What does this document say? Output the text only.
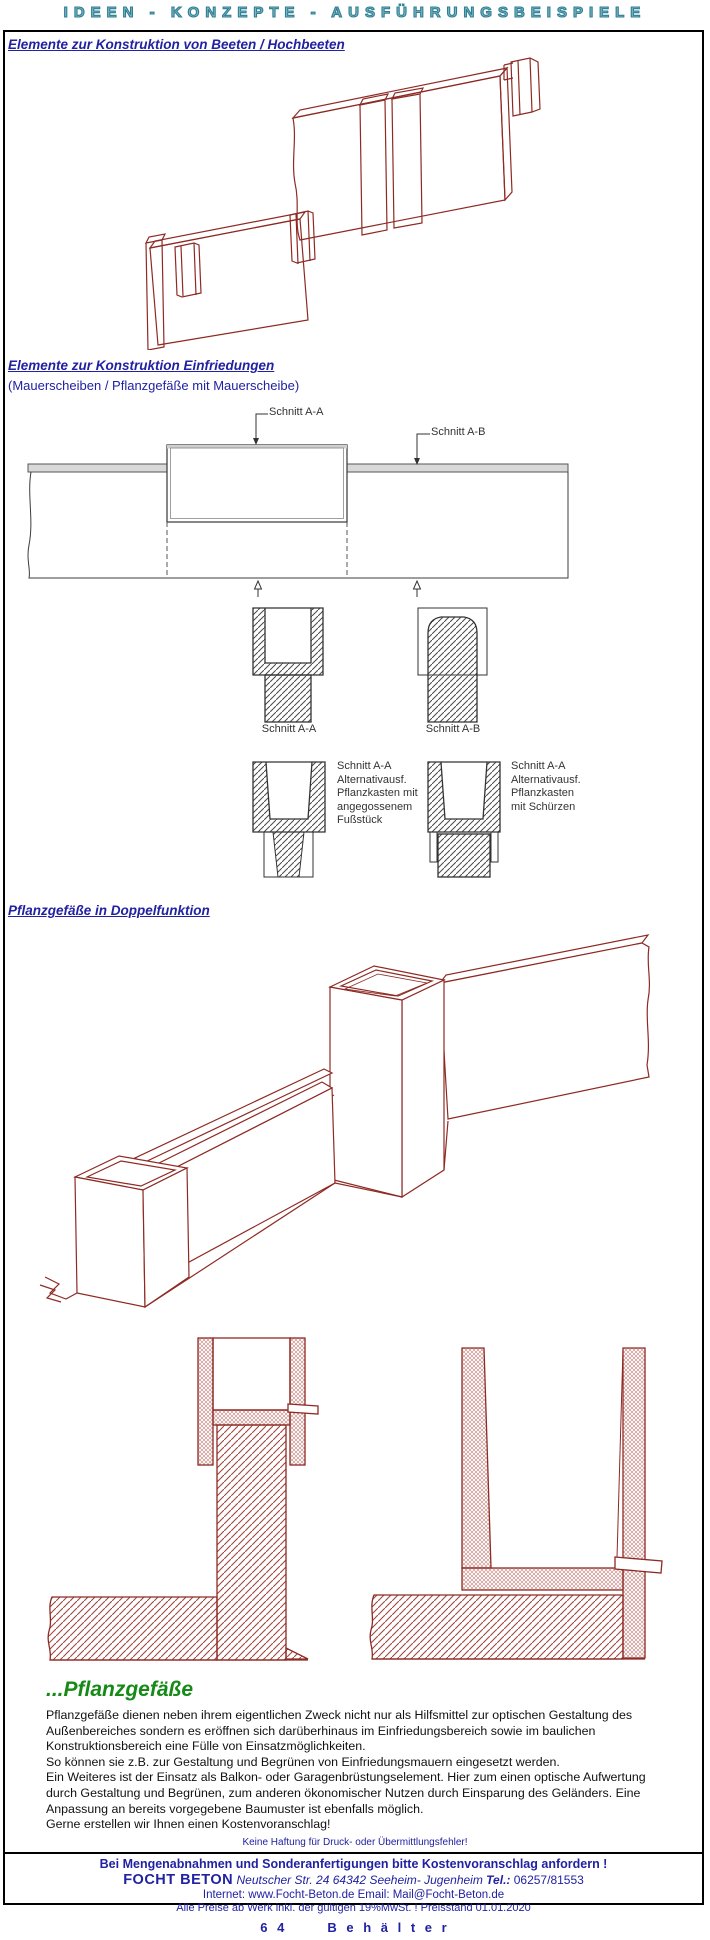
IDEEN - KONZEPTE - AUSFÜHRUNGSBEISPIELE
Elemente zur Konstruktion von Beeten / Hochbeeten
Elemente zur Konstruktion Einfriedungen
(Mauerscheiben / Pflanzgefäße mit Mauerscheibe)
Schnitt A-A
Schnitt A-B
Schnitt A-A	Schnitt A-B
Schnitt A-A
Alternativausf.
Pflanzkasten mit
angegossenem
Fußstück
Schnitt A-A
Alternativausf.
Pflanzkasten
mit Schürzen
Pflanzgefäße in Doppelfunktion
...Pflanzgefäße
Pflanzgefäße dienen neben ihrem eigentlichen Zweck nicht nur als Hilfsmittel zur optischen Gestaltung des Außenbereiches sondern es eröffnen sich darüberhinaus im Einfriedungsbereich sowie im baulichen Konstruktionsbereich eine Fülle von Einsatzmöglichkeiten.
So können sie z.B. zur Gestaltung und Begrünen von Einfriedungsmauern eingesetzt werden.
Ein Weiteres ist der Einsatz als Balkon- oder Garagenbrüstungselement. Hier zum einen optische Aufwertung durch Gestaltung und Begrünen, zum anderen ökonomischer Nutzen durch Einsparung des Geländers. Eine Anpassung an bereits vorgegebene Baumuster ist ebenfalls möglich.
Gerne erstellen wir Ihnen einen Kostenvoranschlag!
Keine Haftung für Druck- oder Übermittlungsfehler!
Bei Mengenabnahmen und Sonderanfertigungen bitte Kostenvoranschlag anfordern !
FOCHT BETON Neutscher Str. 24 64342 Seeheim- Jugenheim Tel.: 06257/81553
Internet: www.Focht-Beton.de Email: Mail@Focht-Beton.de
Alle Preise ab Werk inkl. der gültigen 19%MwSt. ! Preisstand 01.01.2020
6 4	B e h ä l t e r
